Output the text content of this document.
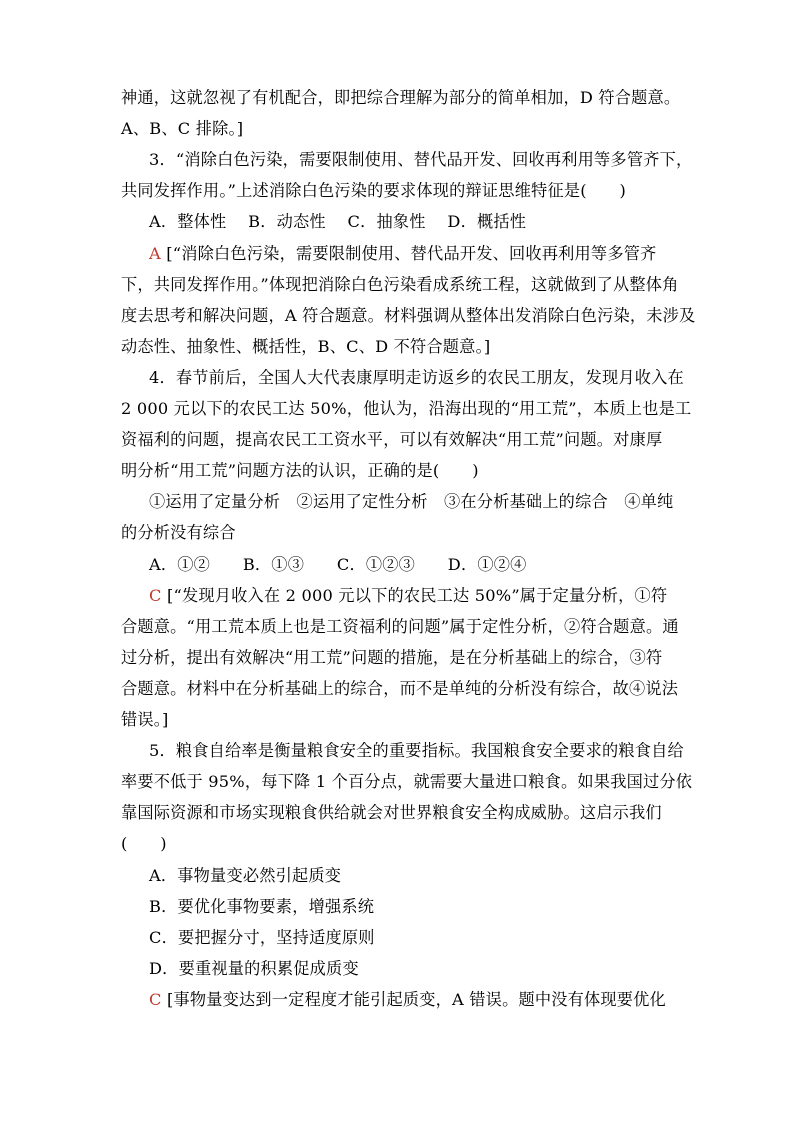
神通，这就忽视了有机配合，即把综合理解为部分的简单相加，D 符合题意。
A、B、C 排除。]
3．“消除白色污染，需要限制使用、替代品开发、回收再利用等多管齐下，
共同发挥作用。”上述消除白色污染的要求体现的辩证思维特征是(　　)
A．整体性　 B．动态性　 C．抽象性　 D．概括性
A [“消除白色污染，需要限制使用、替代品开发、回收再利用等多管齐
下，共同发挥作用。”体现把消除白色污染看成系统工程，这就做到了从整体角
度去思考和解决问题，A 符合题意。材料强调从整体出发消除白色污染，未涉及
动态性、抽象性、概括性，B、C、D 不符合题意。]
4．春节前后，全国人大代表康厚明走访返乡的农民工朋友，发现月收入在
2 000 元以下的农民工达 50%，他认为，沿海出现的“用工荒”，本质上也是工
资福利的问题，提高农民工工资水平，可以有效解决“用工荒”问题。对康厚
明分析“用工荒”问题方法的认识，正确的是(　　)
①运用了定量分析　②运用了定性分析　③在分析基础上的综合　④单纯
的分析没有综合
A．①②　　B．①③　　C．①②③　　D．①②④
C [“发现月收入在 2 000 元以下的农民工达 50%”属于定量分析，①符
合题意。“用工荒本质上也是工资福利的问题”属于定性分析，②符合题意。通
过分析，提出有效解决“用工荒”问题的措施，是在分析基础上的综合，③符
合题意。材料中在分析基础上的综合，而不是单纯的分析没有综合，故④说法
错误。]
5．粮食自给率是衡量粮食安全的重要指标。我国粮食安全要求的粮食自给
率要不低于 95%，每下降 1 个百分点，就需要大量进口粮食。如果我国过分依
靠国际资源和市场实现粮食供给就会对世界粮食安全构成威胁。这启示我们
(　　)
A．事物量变必然引起质变
B．要优化事物要素，增强系统
C．要把握分寸，坚持适度原则
D．要重视量的积累促成质变
C [事物量变达到一定程度才能引起质变，A 错误。题中没有体现要优化
